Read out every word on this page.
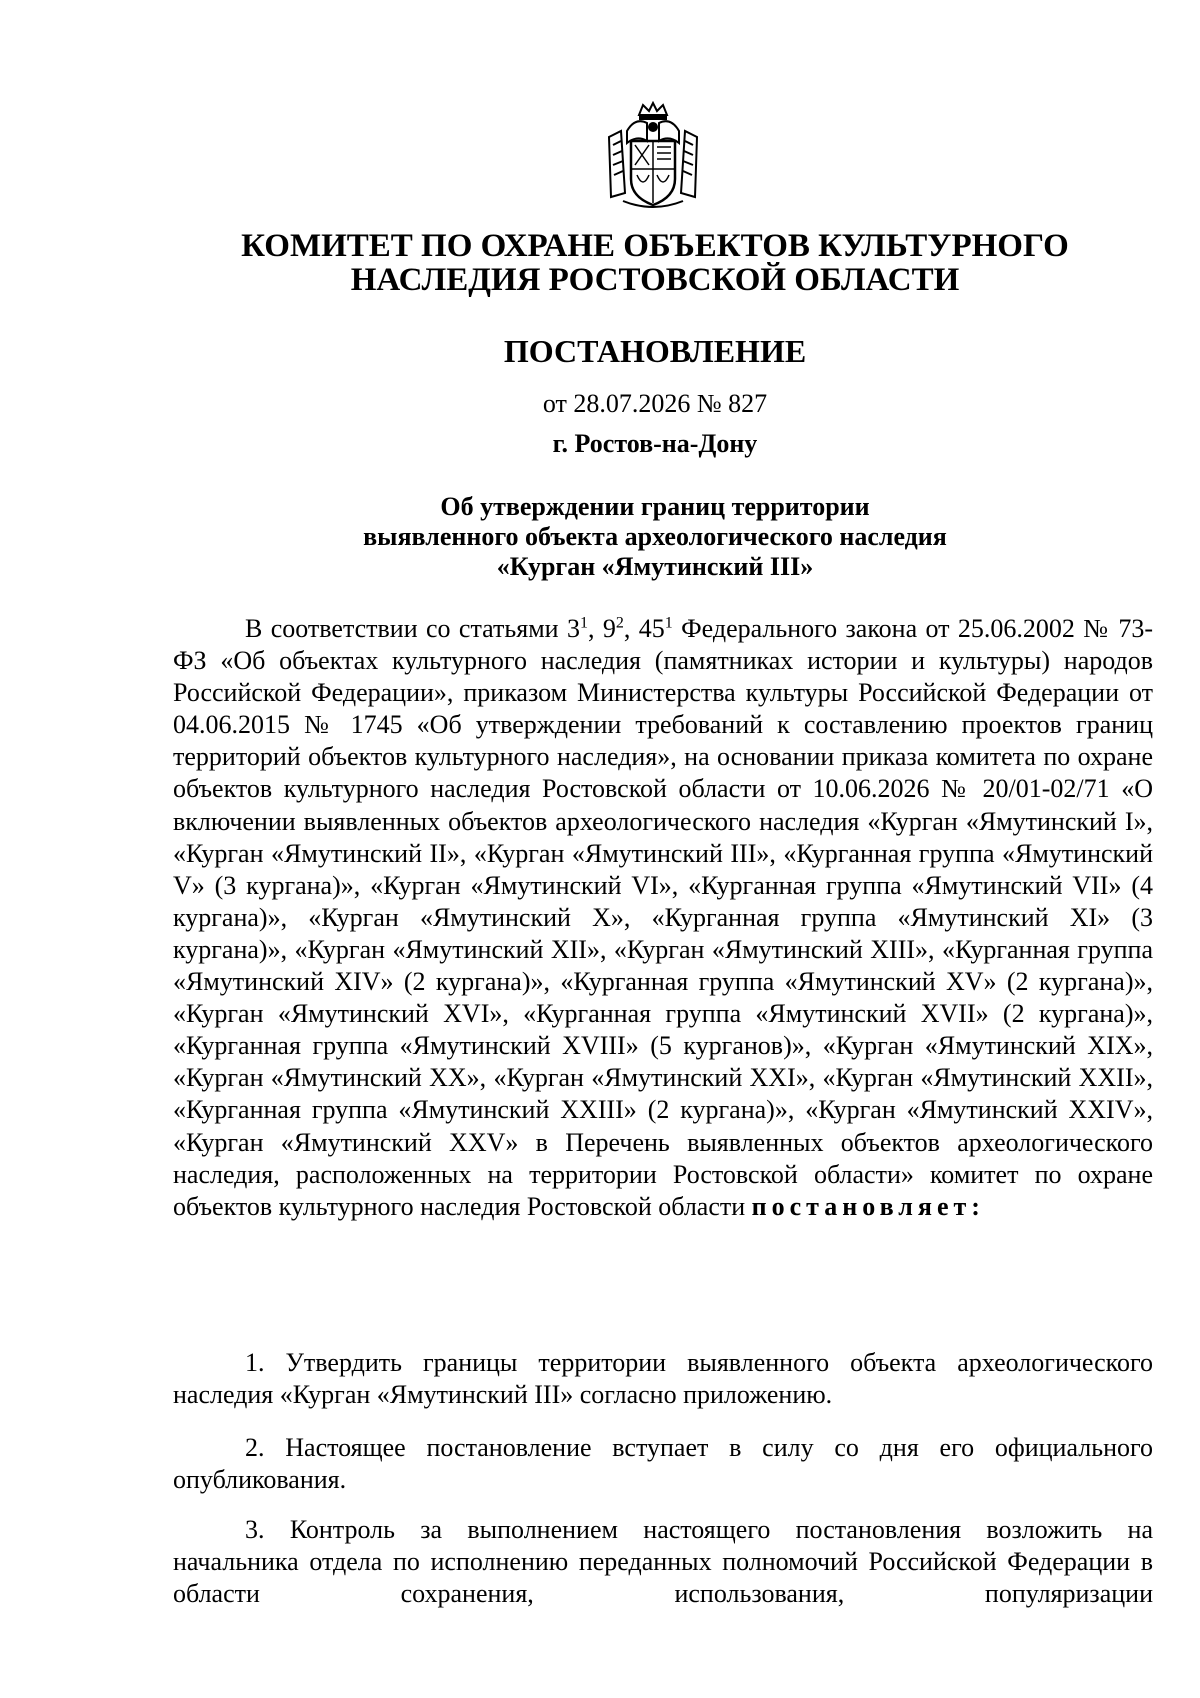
КОМИТЕТ ПО ОХРАНЕ ОБЪЕКТОВ КУЛЬТУРНОГО
НАСЛЕДИЯ РОСТОВСКОЙ ОБЛАСТИ
ПОСТАНОВЛЕНИЕ
от 28.07.2026 № 827
г. Ростов-на-Дону
Об утверждении границ территории
выявленного объекта археологического наследия
«Курган «Ямутинский III»
В соответствии со статьями $3^1$, $9^2$, $45^1$ Федерального закона от 25.06.2002 № 73-ФЗ «Об объектах культурного наследия (памятниках истории и культуры) народов Российской Федерации», приказом Министерства культуры Российской Федерации от 04.06.2015 № 1745 «Об утверждении требований к составлению проектов границ территорий объектов культурного наследия», на основании приказа комитета по охране объектов культурного наследия Ростовской области от 10.06.2026 № 20/01-02/71 «О включении выявленных объектов археологического наследия «Курган «Ямутинский I», «Курган «Ямутинский II», «Курган «Ямутинский III», «Курганная группа «Ямутинский V» (3 кургана)», «Курган «Ямутинский VI», «Курганная группа «Ямутинский VII» (4 кургана)», «Курган «Ямутинский X», «Курганная группа «Ямутинский XI» (3 кургана)», «Курган «Ямутинский XII», «Курган «Ямутинский XIII», «Курганная группа «Ямутинский XIV» (2 кургана)», «Курганная группа «Ямутинский XV» (2 кургана)», «Курган «Ямутинский XVI», «Курганная группа «Ямутинский XVII» (2 кургана)», «Курганная группа «Ямутинский XVIII» (5 курганов)», «Курган «Ямутинский XIX», «Курган «Ямутинский XX», «Курган «Ямутинский XXI», «Курган «Ямутинский XXII», «Курганная группа «Ямутинский XXIII» (2 кургана)», «Курган «Ямутинский XXIV», «Курган «Ямутинский XXV» в Перечень выявленных объектов археологического наследия, расположенных на территории Ростовской области» комитет по охране объектов культурного наследия Ростовской области постановляет:
1. Утвердить границы территории выявленного объекта археологического наследия «Курган «Ямутинский III» согласно приложению.
2. Настоящее постановление вступает в силу со дня его официального опубликования.
3. Контроль за выполнением настоящего постановления возложить на начальника отдела по исполнению переданных полномочий Российской Федерации в области сохранения, использования, популяризации
